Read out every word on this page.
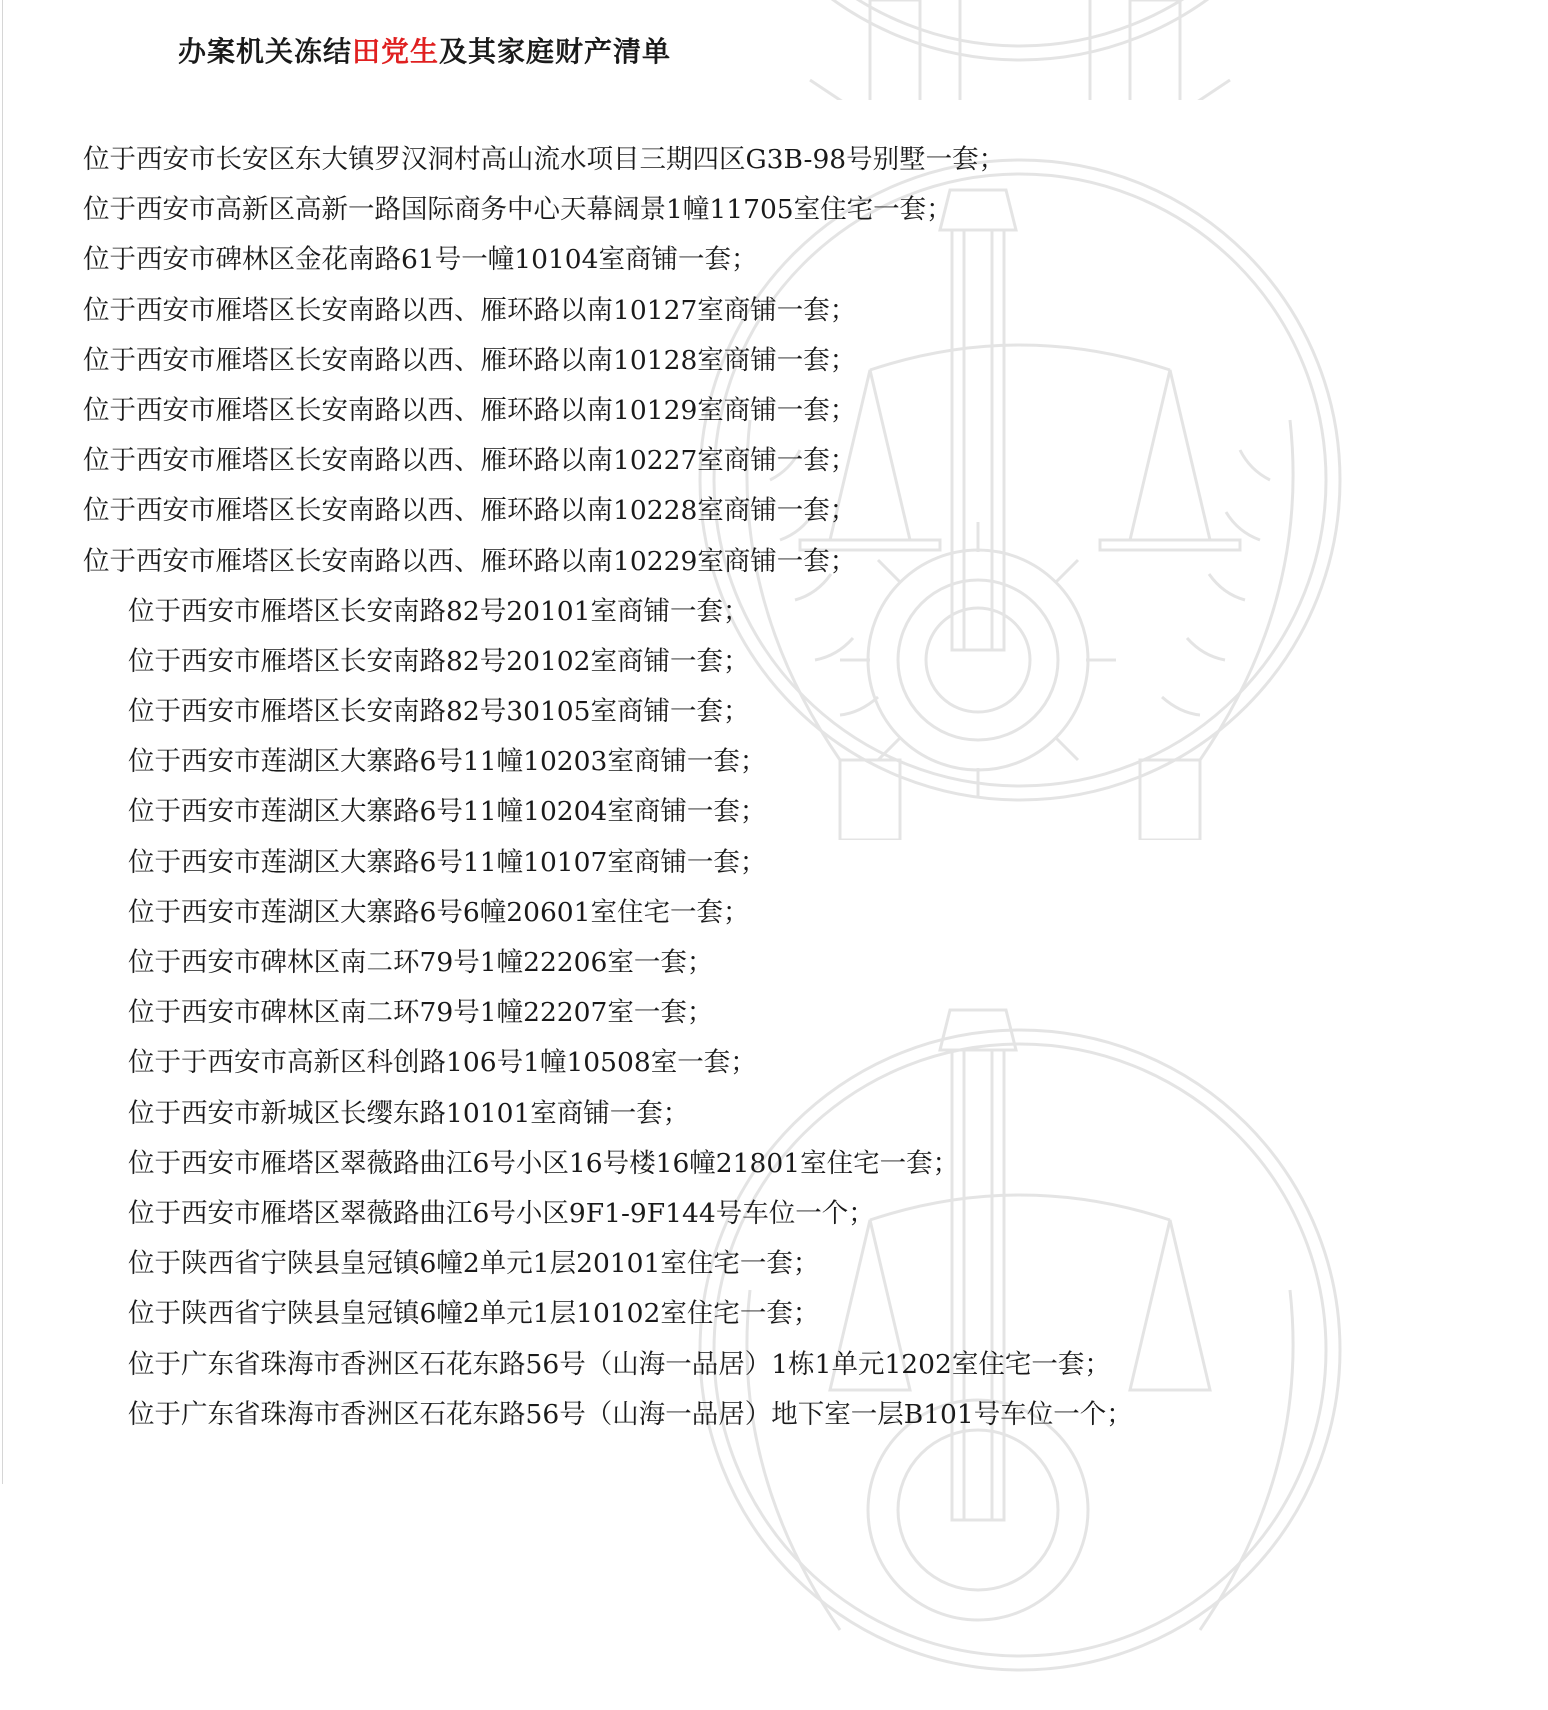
办案机关冻结田党生及其家庭财产清单
位于西安市长安区东大镇罗汉洞村高山流水项目三期四区G3B-98号别墅一套；
位于西安市高新区高新一路国际商务中心天幕阔景1幢11705室住宅一套；
位于西安市碑林区金花南路61号一幢10104室商铺一套；
位于西安市雁塔区长安南路以西、雁环路以南10127室商铺一套；
位于西安市雁塔区长安南路以西、雁环路以南10128室商铺一套；
位于西安市雁塔区长安南路以西、雁环路以南10129室商铺一套；
位于西安市雁塔区长安南路以西、雁环路以南10227室商铺一套；
位于西安市雁塔区长安南路以西、雁环路以南10228室商铺一套；
位于西安市雁塔区长安南路以西、雁环路以南10229室商铺一套；
位于西安市雁塔区长安南路82号20101室商铺一套；
位于西安市雁塔区长安南路82号20102室商铺一套；
位于西安市雁塔区长安南路82号30105室商铺一套；
位于西安市莲湖区大寨路6号11幢10203室商铺一套；
位于西安市莲湖区大寨路6号11幢10204室商铺一套；
位于西安市莲湖区大寨路6号11幢10107室商铺一套；
位于西安市莲湖区大寨路6号6幢20601室住宅一套；
位于西安市碑林区南二环79号1幢22206室一套；
位于西安市碑林区南二环79号1幢22207室一套；
位于于西安市高新区科创路106号1幢10508室一套；
位于西安市新城区长缨东路10101室商铺一套；
位于西安市雁塔区翠薇路曲江6号小区16号楼16幢21801室住宅一套；
位于西安市雁塔区翠薇路曲江6号小区9F1-9F144号车位一个；
位于陕西省宁陕县皇冠镇6幢2单元1层20101室住宅一套；
位于陕西省宁陕县皇冠镇6幢2单元1层10102室住宅一套；
位于广东省珠海市香洲区石花东路56号（山海一品居）1栋1单元1202室住宅一套；
位于广东省珠海市香洲区石花东路56号（山海一品居）地下室一层B101号车位一个；
